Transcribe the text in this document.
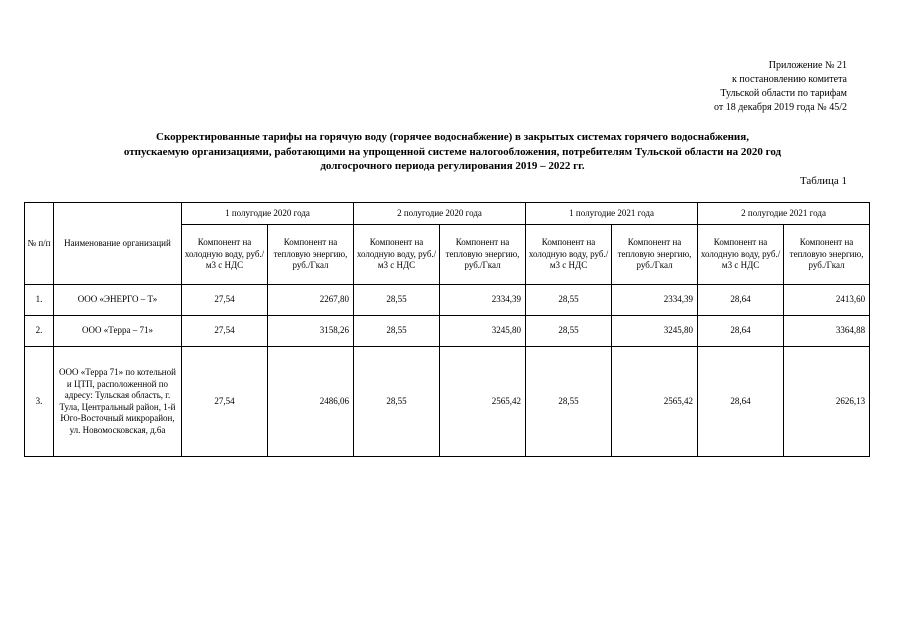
Приложение № 21
к постановлению комитета
Тульской области по тарифам
от 18 декабря 2019 года № 45/2
Скорректированные тарифы на горячую воду (горячее водоснабжение) в закрытых системах горячего водоснабжения,
отпускаемую организациями, работающими на упрощенной системе налогообложения, потребителям Тульской области на 2020 год
долгосрочного периода регулирования 2019 – 2022 гг.
Таблица 1
№ п/п	Наименование организаций	1 полугодие 2020 года		2 полугодие 2020 года		1 полугодие 2021 года		2 полугодие 2021 года	
		Компонент на холодную воду, руб./м3 с НДС	Компонент на тепловую энергию, руб./Гкал	Компонент на холодную воду, руб./м3 с НДС	Компонент на тепловую энергию, руб./Гкал	Компонент на холодную воду, руб./м3 с НДС	Компонент на тепловую энергию, руб./Гкал	Компонент на холодную воду, руб./м3 с НДС	Компонент на тепловую энергию, руб./Гкал
1.	ООО «ЭНЕРГО – Т»	27,54	2267,80	28,55	2334,39	28,55	2334,39	28,64	2413,60
2.	ООО «Терра – 71»	27,54	3158,26	28,55	3245,80	28,55	3245,80	28,64	3364,88
3.	ООО «Терра 71» по котельной и ЦТП, расположенной по адресу: Тульская область, г. Тула, Центральный район, 1-й Юго-Восточный микрорайон, ул. Новомосковская, д.6а	27,54	2486,06	28,55	2565,42	28,55	2565,42	28,64	2626,13
